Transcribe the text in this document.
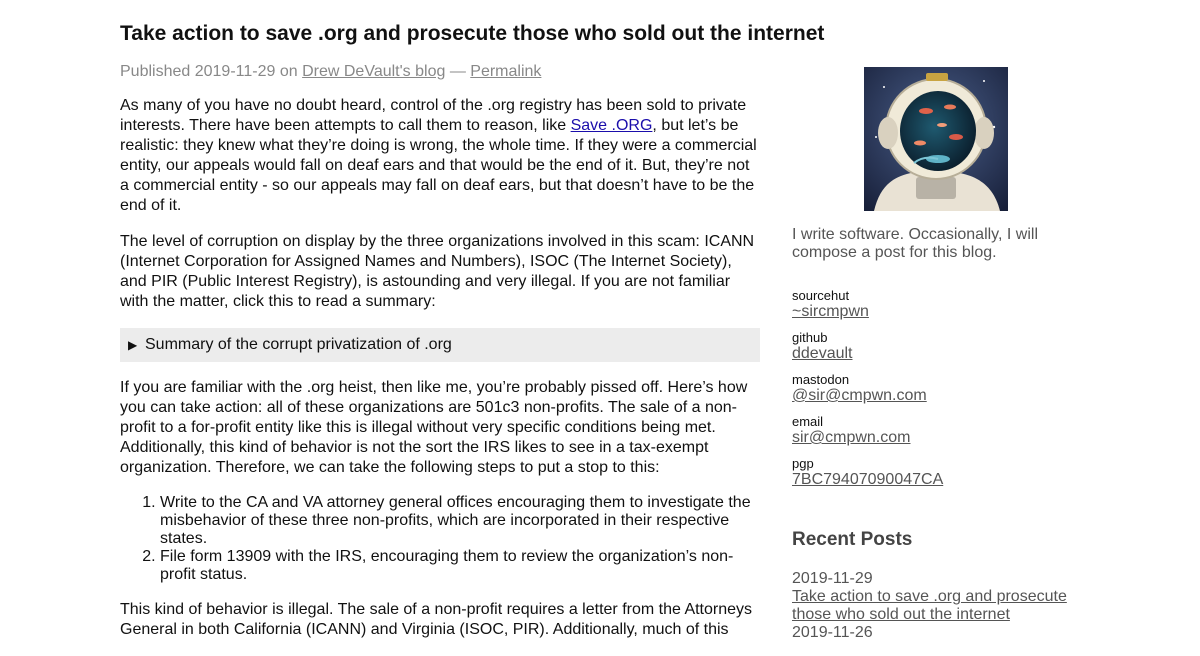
Take action to save .org and prosecute those who sold out the internet
Published 2019-11-29 on Drew DeVault's blog — Permalink

As many of you have no doubt heard, control of the .org registry has been sold to private interests. There have been attempts to call them to reason, like Save .ORG, but let’s be realistic: they knew what they’re doing is wrong, the whole time. If they were a commercial entity, our appeals would fall on deaf ears and that would be the end of it. But, they’re not a commercial entity - so our appeals may fall on deaf ears, but that doesn’t have to be the end of it.

The level of corruption on display by the three organizations involved in this scam: ICANN (Internet Corporation for Assigned Names and Numbers), ISOC (The Internet Society), and PIR (Public Interest Registry), is astounding and very illegal. If you are not familiar with the matter, click this to read a summary:

▶ Summary of the corrupt privatization of .org

If you are familiar with the .org heist, then like me, you’re probably pissed off. Here’s how you can take action: all of these organizations are 501c3 non-profits. The sale of a non-profit to a for-profit entity like this is illegal without very specific conditions being met. Additionally, this kind of behavior is not the sort the IRS likes to see in a tax-exempt organization. Therefore, we can take the following steps to put a stop to this:

1. Write to the CA and VA attorney general offices encouraging them to investigate the misbehavior of these three non-profits, which are incorporated in their respective states.
2. File form 13909 with the IRS, encouraging them to review the organization’s non-profit status.

This kind of behavior is illegal. The sale of a non-profit requires a letter from the Attorneys General in both California (ICANN) and Virginia (ISOC, PIR). Additionally, much of this

I write software. Occasionally, I will compose a post for this blog.
sourcehut
~sircmpwn
github
ddevault
mastodon
@sir@cmpwn.com
email
sir@cmpwn.com
pgp
7BC79407090047CA
Recent Posts
2019-11-29
Take action to save .org and prosecute those who sold out the internet
2019-11-26
